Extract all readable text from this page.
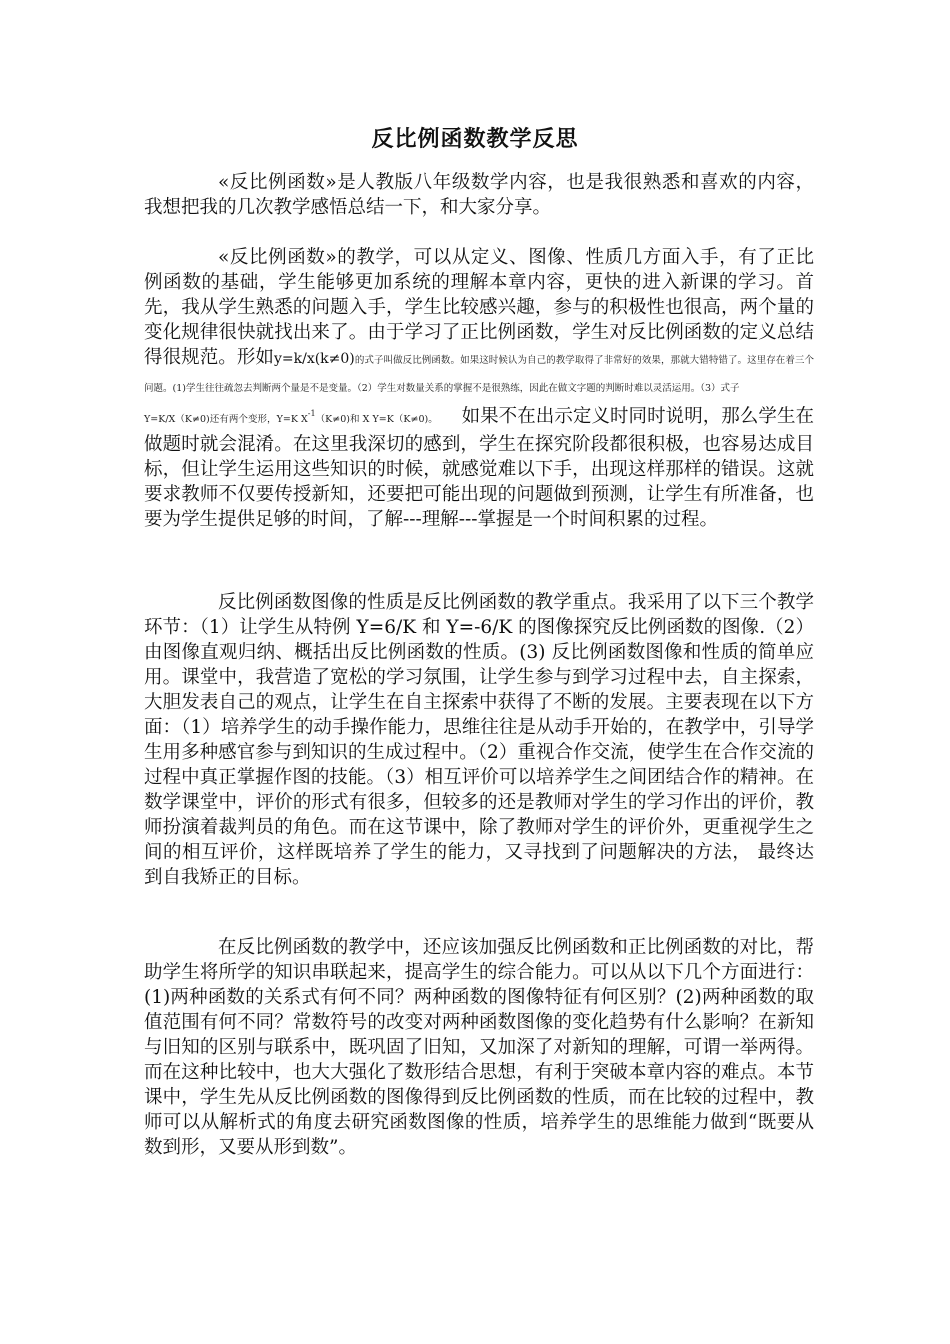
反比例函数教学反思

«反比例函数»是人教版八年级数学内容，也是我很熟悉和喜欢的内容，我想把我的几次教学感悟总结一下，和大家分享。

«反比例函数»的教学，可以从定义、图像、性质几方面入手，有了正比例函数的基础，学生能够更加系统的理解本章内容，更快的进入新课的学习。首先，我从学生熟悉的问题入手，学生比较感兴趣，参与的积极性也很高，两个量的变化规律很快就找出来了。由于学习了正比例函数，学生对反比例函数的定义总结得很规范。形如y=k/x(k≠0)的式子叫做反比例函数。如果这时候认为自己的教学取得了非常好的效果，那就大错特错了。这里存在着三个问题。(1)学生往往疏忽去判断两个量是不是变量。（2）学生对数量关系的掌握不是很熟练，因此在做文字题的判断时难以灵活运用。（3）式子
Y=K/X（K≠0)还有两个变形，Y=K $X^{-1}(K\ne 0)$和 X Y=K（K≠0)。 如果不在出示定义时同时说明，那么学生在做题时就会混淆。在这里我深切的感到，学生在探究阶段都很积极，也容易达成目标，但让学生运用这些知识的时候，就感觉难以下手，出现这样那样的错误。这就要求教师不仅要传授新知，还要把可能出现的问题做到预测，让学生有所准备，也要为学生提供足够的时间，了解---理解---掌握是一个时间积累的过程。

反比例函数图像的性质是反比例函数的教学重点。我采用了以下三个教学环节：（1）让学生从特例 Y=6/K 和 Y=-6/K 的图像探究反比例函数的图像.（2）由图像直观归纳、概括出反比例函数的性质。(3) 反比例函数图像和性质的简单应用。课堂中，我营造了宽松的学习氛围，让学生参与到学习过程中去，自主探索，大胆发表自己的观点，让学生在自主探索中获得了不断的发展。主要表现在以下方面：（1）培养学生的动手操作能力，思维往往是从动手开始的，在教学中，引导学生用多种感官参与到知识的生成过程中。（2）重视合作交流，使学生在合作交流的过程中真正掌握作图的技能。（3）相互评价可以培养学生之间团结合作的精神。在数学课堂中，评价的形式有很多，但较多的还是教师对学生的学习作出的评价，教师扮演着裁判员的角色。而在这节课中，除了教师对学生的评价外，更重视学生之间的相互评价，这样既培养了学生的能力，又寻找到了问题解决的方法， 最终达到自我矫正的目标。

在反比例函数的教学中，还应该加强反比例函数和正比例函数的对比，帮助学生将所学的知识串联起来，提高学生的综合能力。可以从以下几个方面进行：(1)两种函数的关系式有何不同？两种函数的图像特征有何区别？(2)两种函数的取值范围有何不同？常数符号的改变对两种函数图像的变化趋势有什么影响？在新知与旧知的区别与联系中，既巩固了旧知，又加深了对新知的理解，可谓一举两得。而在这种比较中，也大大强化了数形结合思想，有利于突破本章内容的难点。本节课中，学生先从反比例函数的图像得到反比例函数的性质，而在比较的过程中，教师可以从解析式的角度去研究函数图像的性质，培养学生的思维能力做到“既要从数到形，又要从形到数”。
